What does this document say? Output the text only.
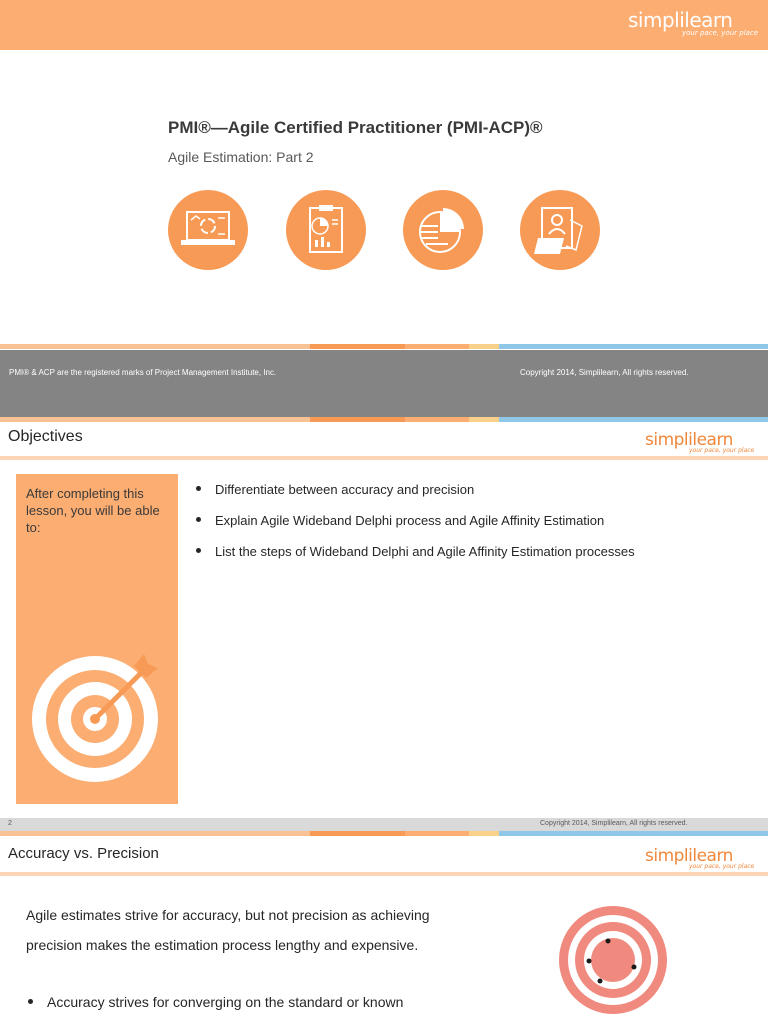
simplilearn
your pace, your place
PMI®—Agile Certified Practitioner (PMI-ACP)®
Agile Estimation: Part 2
PMI® & ACP are the registered marks of Project Management Institute, Inc.	Copyright 2014, Simplilearn, All rights reserved.
Objectives	simplilearn
your pace, your place
After completing this lesson, you will be able to:
Differentiate between accuracy and precision
Explain Agile Wideband Delphi process and Agile Affinity Estimation
List the steps of Wideband Delphi and Agile Affinity Estimation processes
2	Copyright 2014, Simplilearn, All rights reserved.
Accuracy vs. Precision	simplilearn
your pace, your place
Agile estimates strive for accuracy, but not precision as achieving precision makes the estimation process lengthy and expensive.
Accuracy strives for converging on the standard or known
